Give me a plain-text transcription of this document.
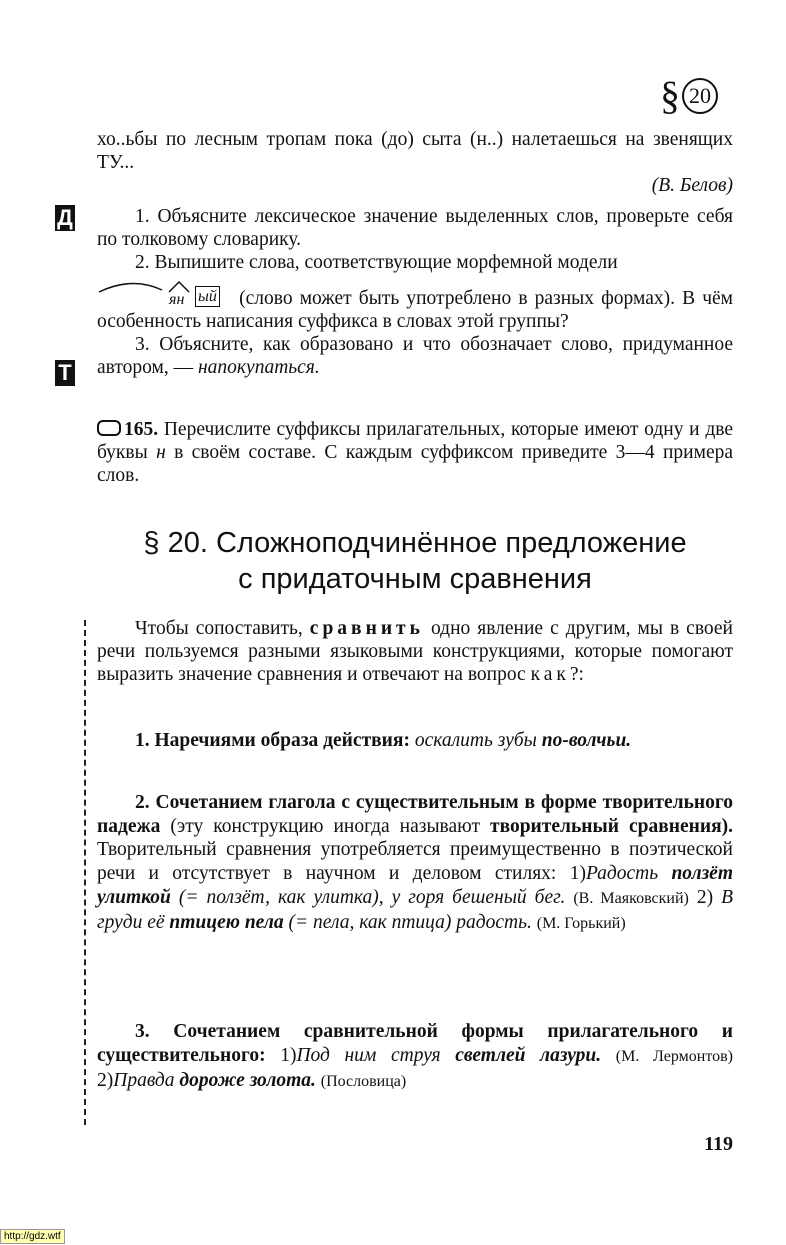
§ 20
хо..ьбы по лесным тропам пока (до) сыта (н..) налетаешься на звенящих ТУ...
(В. Белов)
Д
Т
1. Объясните лексическое значение выделенных слов, проверьте себя по толковому словарику.
2. Выпишите слова, соответствующие морфемной модели
ян ый (слово может быть употреблено в разных формах). В чём особенность написания суффикса в словах этой группы?
3. Объясните, как образовано и что обозначает слово, придуманное автором, — напокупаться.
165. Перечислите суффиксы прилагательных, которые имеют одну и две буквы н в своём составе. С каждым суффиксом приведите 3—4 примера слов.
§ 20. Сложноподчинённое предложение
с придаточным сравнения
Чтобы сопоставить, сравнить одно явление с другим, мы в своей речи пользуемся разными языковыми конструкциями, которые помогают выразить значение сравнения и отвечают на вопрос как?:
1. Наречиями образа действия: оскалить зубы по-волчьи.
2. Сочетанием глагола с существительным в форме творительного падежа (эту конструкцию иногда называют творительный сравнения). Творительный сравнения употребляется преимущественно в поэтической речи и отсутствует в научном и деловом стилях: 1)Радость ползёт улиткой (= ползёт, как улитка), у горя бешеный бег. (В. Маяковский) 2) В груди её птицею пела (= пела, как птица) радость. (М. Горький)
3. Сочетанием сравнительной формы прилагательного и существительного: 1)Под ним струя светлей лазури. (М. Лермонтов) 2)Правда дороже золота. (Пословица)
119
http://gdz.wtf
